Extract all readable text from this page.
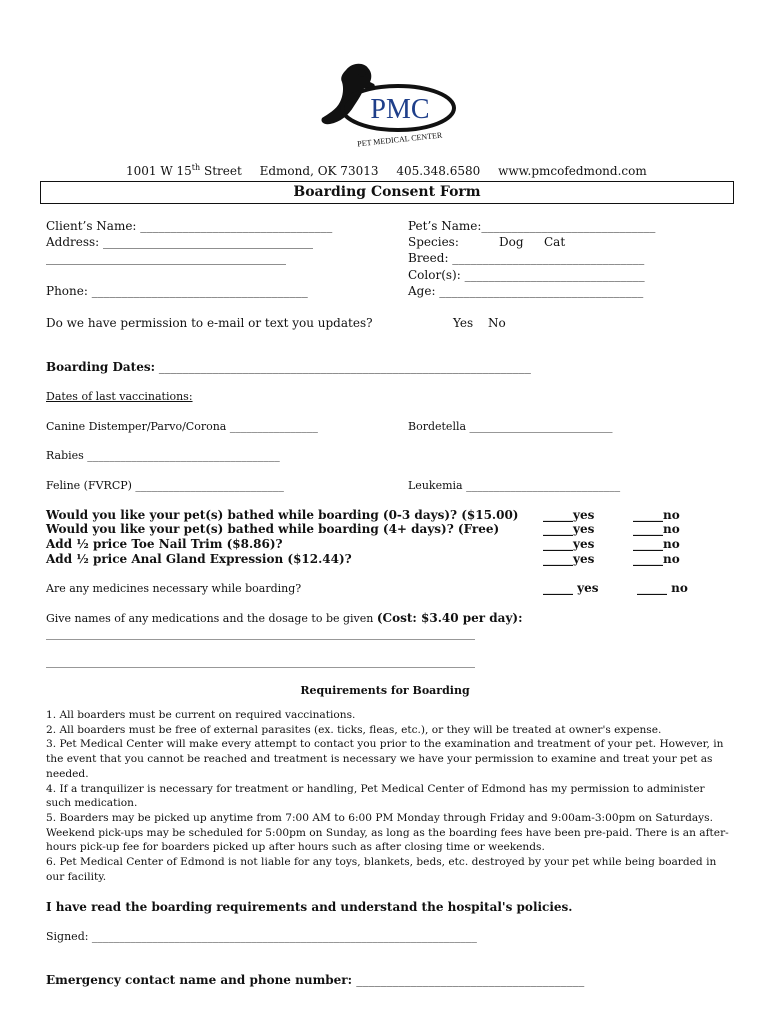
PMC
PET MEDICAL CENTER
1001 W 15th Street Edmond, OK 73013 405.348.6580 www.pmcofedmond.com
Boarding Consent Form
Client’s Name: ________________________________
Address: ___________________________________
________________________________________
Phone: ____________________________________
Pet’s Name:_____________________________
Species:	Dog Cat
Breed: ________________________________
Color(s): ______________________________
Age: __________________________________
Do we have permission to e-mail or text you updates?	Yes No
Boarding Dates: ______________________________________________________________
Dates of last vaccinations:
Canine Distemper/Parvo/Corona ________________	Bordetella __________________________
Rabies ___________________________________
Feline (FVRCP) ___________________________	Leukemia ____________________________
Would you like your pet(s) bathed while boarding (0-3 days)? ($15.00) _____yes	_____no
Would you like your pet(s) bathed while boarding (4+ days)? (Free)	_____yes	_____no
Add ½ price Toe Nail Trim ($8.86)?	_____yes	_____no
Add ½ price Anal Gland Expression ($12.44)?	_____yes	_____no
Are any medicines necessary while boarding?	_____ yes	_____ no
Give names of any medications and the dosage to be given (Cost: $3.40 per day):
______________________________________________________________________________
______________________________________________________________________________
Requirements for Boarding

1. All boarders must be current on required vaccinations.

2. All boarders must be free of external parasites (ex. ticks, fleas, etc.), or they will be treated at owner's expense.

3. Pet Medical Center will make every attempt to contact you prior to the examination and treatment of your pet. However, in the event that you cannot be reached and treatment is necessary we have your permission to examine and treat your pet as needed.

4. If a tranquilizer is necessary for treatment or handling, Pet Medical Center of Edmond has my permission to administer such medication.

5. Boarders may be picked up anytime from 7:00 AM to 6:00 PM Monday through Friday and 9:00am-3:00pm on Saturdays. Weekend pick-ups may be scheduled for 5:00pm on Sunday, as long as the boarding fees have been pre-paid. There is an after-hours pick-up fee for boarders picked up after hours such as after closing time or weekends.

6. Pet Medical Center of Edmond is not liable for any toys, blankets, beds, etc. destroyed by your pet while being boarded in our facility.

I have read the boarding requirements and understand the hospital's policies.
Signed: ______________________________________________________________________
Emergency contact name and phone number: ______________________________________
